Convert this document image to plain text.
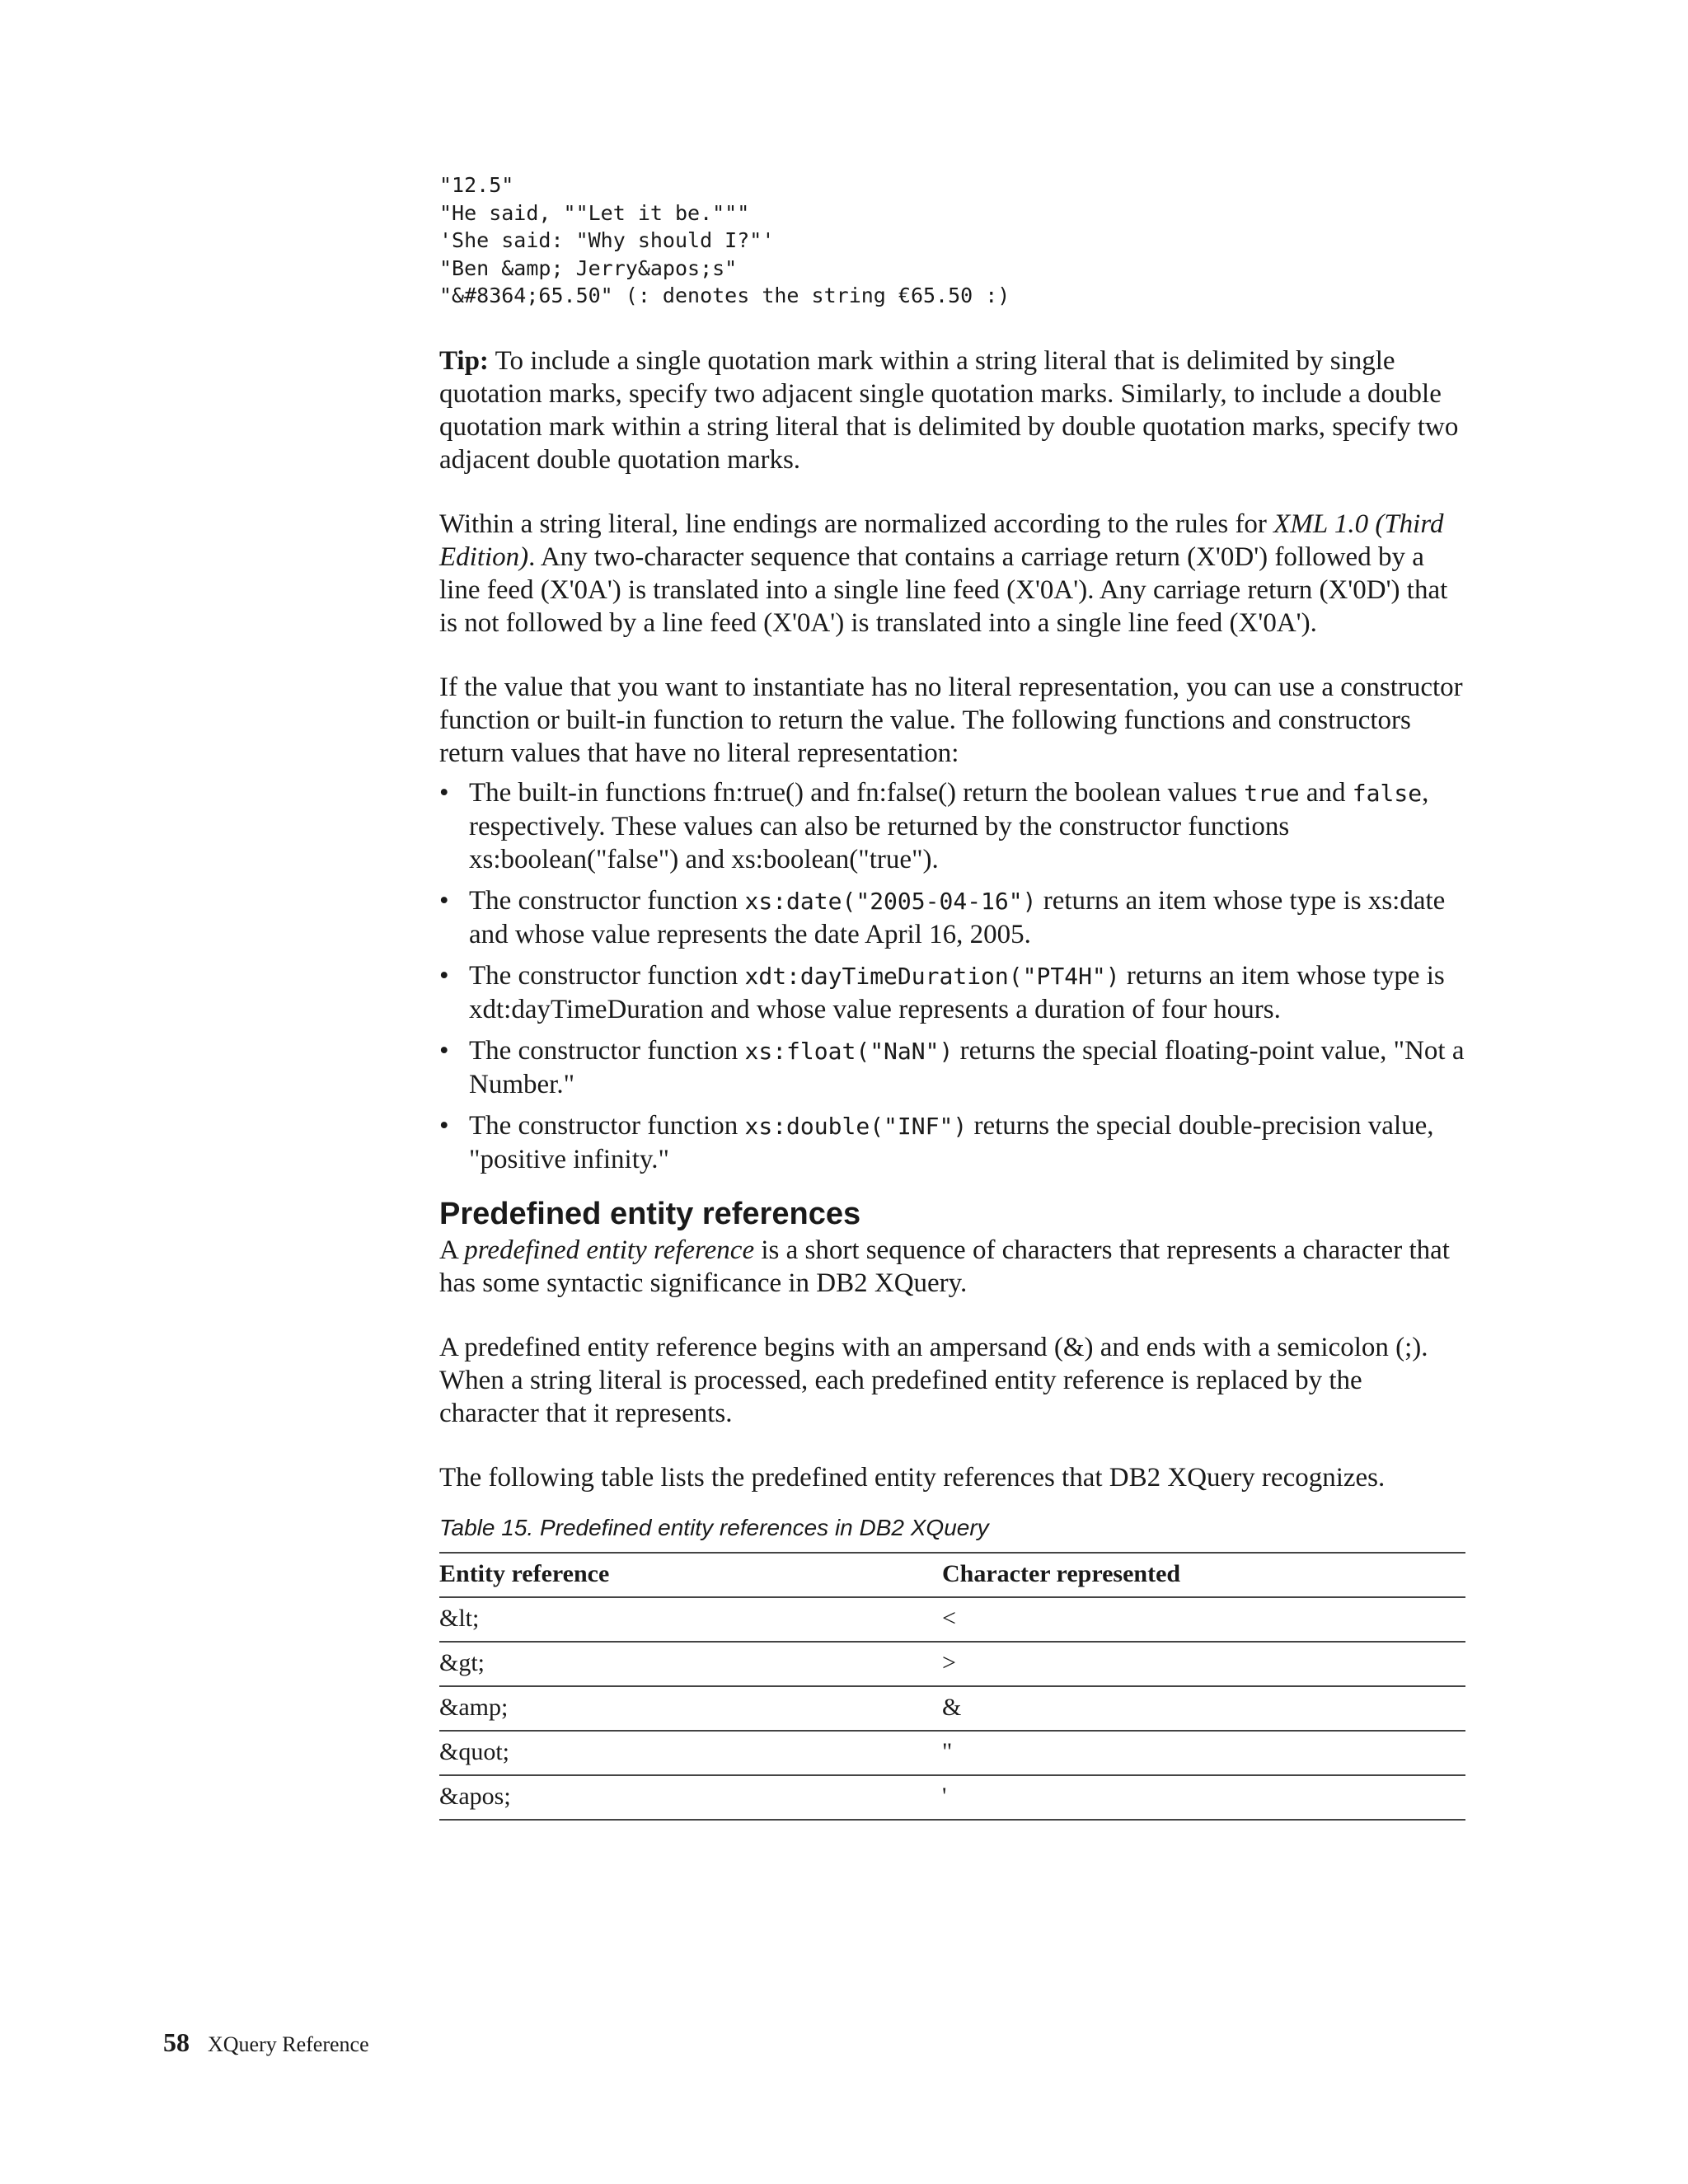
"12.5"
"He said, ""Let it be."""
'She said: "Why should I?"'
"Ben &amp; Jerry&apos;s"
"&#8364;65.50" (: denotes the string €65.50 :)

Tip: To include a single quotation mark within a string literal that is delimited by single quotation marks, specify two adjacent single quotation marks. Similarly, to include a double quotation mark within a string literal that is delimited by double quotation marks, specify two adjacent double quotation marks.

Within a string literal, line endings are normalized according to the rules for XML 1.0 (Third Edition). Any two-character sequence that contains a carriage return (X'0D') followed by a line feed (X'0A') is translated into a single line feed (X'0A'). Any carriage return (X'0D') that is not followed by a line feed (X'0A') is translated into a single line feed (X'0A').

If the value that you want to instantiate has no literal representation, you can use a constructor function or built-in function to return the value. The following functions and constructors return values that have no literal representation:

• The built-in functions fn:true() and fn:false() return the boolean values true and false, respectively. These values can also be returned by the constructor functions xs:boolean("false") and xs:boolean("true").
• The constructor function xs:date("2005-04-16") returns an item whose type is xs:date and whose value represents the date April 16, 2005.
• The constructor function xdt:dayTimeDuration("PT4H") returns an item whose type is xdt:dayTimeDuration and whose value represents a duration of four hours.
• The constructor function xs:float("NaN") returns the special floating-point value, "Not a Number."
• The constructor function xs:double("INF") returns the special double-precision value, "positive infinity."
Predefined entity references

A predefined entity reference is a short sequence of characters that represents a character that has some syntactic significance in DB2 XQuery.

A predefined entity reference begins with an ampersand (&) and ends with a semicolon (;). When a string literal is processed, each predefined entity reference is replaced by the character that it represents.

The following table lists the predefined entity references that DB2 XQuery recognizes.

Table 15. Predefined entity references in DB2 XQuery

Entity reference	Character represented
&lt;	<
&gt;	>
&amp;	&
&quot;	"
&apos;	'
58 XQuery Reference
